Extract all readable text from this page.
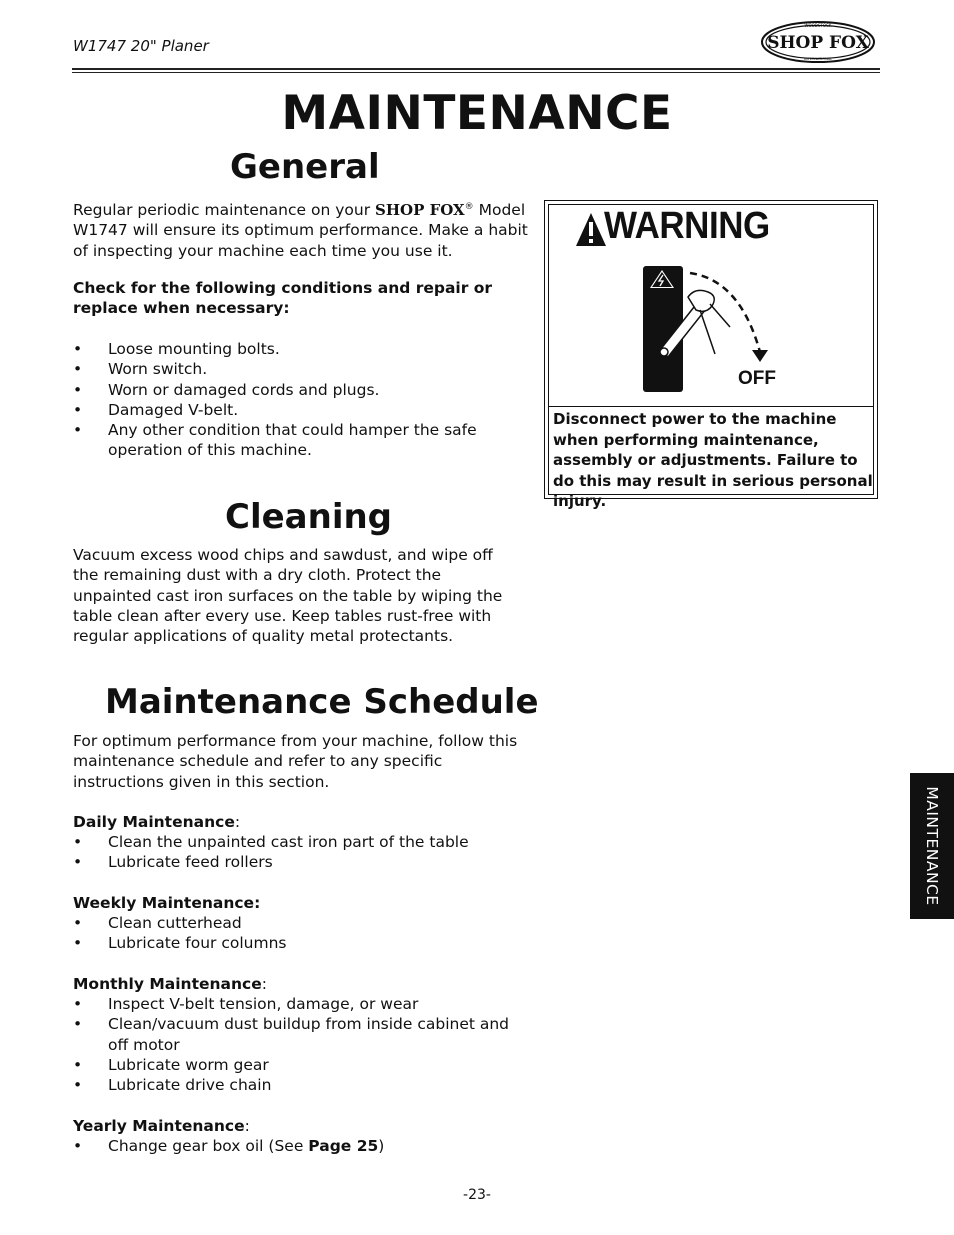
W1747 20" Planer	SHOP FOX
WOODSTOCK
INTERNATIONAL
MAINTENANCE
General
Regular periodic maintenance on your SHOP FOX® Model W1747 will ensure its optimum performance. Make a habit of inspecting your machine each time you use it.
Check for the following conditions and repair or replace when necessary:
• Loose mounting bolts.
• Worn switch.
• Worn or damaged cords and plugs.
• Damaged V-belt.
• Any other condition that could hamper the safe operation of this machine.
WARNING
OFF
Disconnect power to the machine when performing maintenance, assembly or adjustments. Failure to do this may result in serious personal injury.
Cleaning
Vacuum excess wood chips and sawdust, and wipe off the remaining dust with a dry cloth. Protect the unpainted cast iron surfaces on the table by wiping the table clean after every use. Keep tables rust-free with regular applications of quality metal protectants.
Maintenance Schedule
For optimum performance from your machine, follow this maintenance schedule and refer to any specific instructions given in this section.
Daily Maintenance:
• Clean the unpainted cast iron part of the table
• Lubricate feed rollers
Weekly Maintenance:
• Clean cutterhead
• Lubricate four columns
Monthly Maintenance:
• Inspect V-belt tension, damage, or wear
• Clean/vacuum dust buildup from inside cabinet and off motor
• Lubricate worm gear
• Lubricate drive chain
Yearly Maintenance:
• Change gear box oil (See Page 25)
MAINTENANCE
-23-
